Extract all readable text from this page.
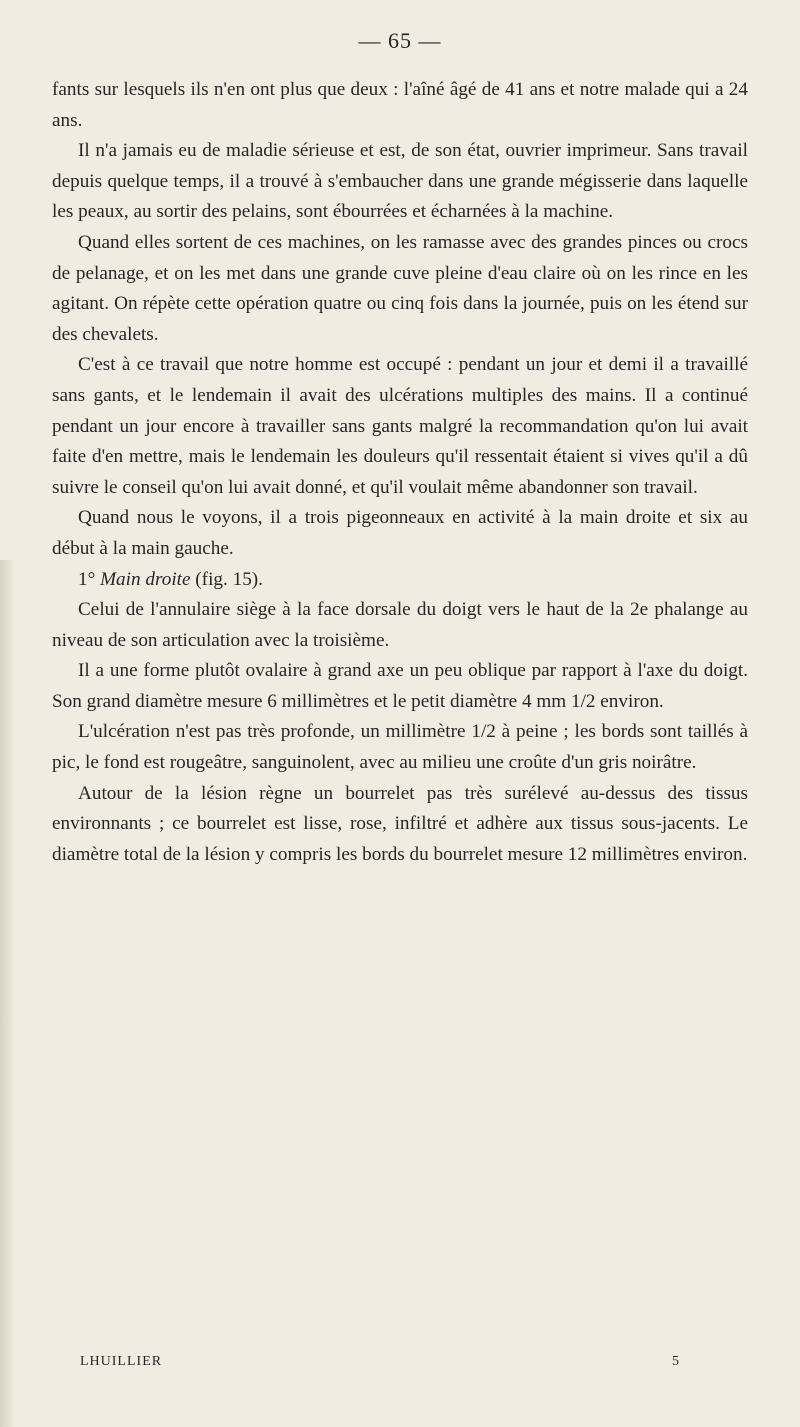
— 65 —

fants sur lesquels ils n'en ont plus que deux : l'aîné âgé de 41 ans et notre malade qui a 24 ans.

Il n'a jamais eu de maladie sérieuse et est, de son état, ouvrier imprimeur. Sans travail depuis quelque temps, il a trouvé à s'embaucher dans une grande mégisserie dans laquelle les peaux, au sortir des pelains, sont ébourrées et écharnées à la machine.

Quand elles sortent de ces machines, on les ramasse avec des grandes pinces ou crocs de pelanage, et on les met dans une grande cuve pleine d'eau claire où on les rince en les agitant. On répète cette opération quatre ou cinq fois dans la journée, puis on les étend sur des chevalets.

C'est à ce travail que notre homme est occupé : pendant un jour et demi il a travaillé sans gants, et le lendemain il avait des ulcérations multiples des mains. Il a continué pendant un jour encore à travailler sans gants malgré la recommandation qu'on lui avait faite d'en mettre, mais le lendemain les douleurs qu'il ressentait étaient si vives qu'il a dû suivre le conseil qu'on lui avait donné, et qu'il voulait même abandonner son travail.

Quand nous le voyons, il a trois pigeonneaux en activité à la main droite et six au début à la main gauche.

1° Main droite (fig. 15).

Celui de l'annulaire siège à la face dorsale du doigt vers le haut de la 2e phalange au niveau de son articulation avec la troisième.

Il a une forme plutôt ovalaire à grand axe un peu oblique par rapport à l'axe du doigt. Son grand diamètre mesure 6 millimètres et le petit diamètre 4 mm 1/2 environ.

L'ulcération n'est pas très profonde, un millimètre 1/2 à peine ; les bords sont taillés à pic, le fond est rougeâtre, sanguinolent, avec au milieu une croûte d'un gris noirâtre.

Autour de la lésion règne un bourrelet pas très surélevé au-dessus des tissus environnants ; ce bourrelet est lisse, rose, infiltré et adhère aux tissus sous-jacents. Le diamètre total de la lésion y compris les bords du bourrelet mesure 12 millimètres environ.

LHUILLIER	5
